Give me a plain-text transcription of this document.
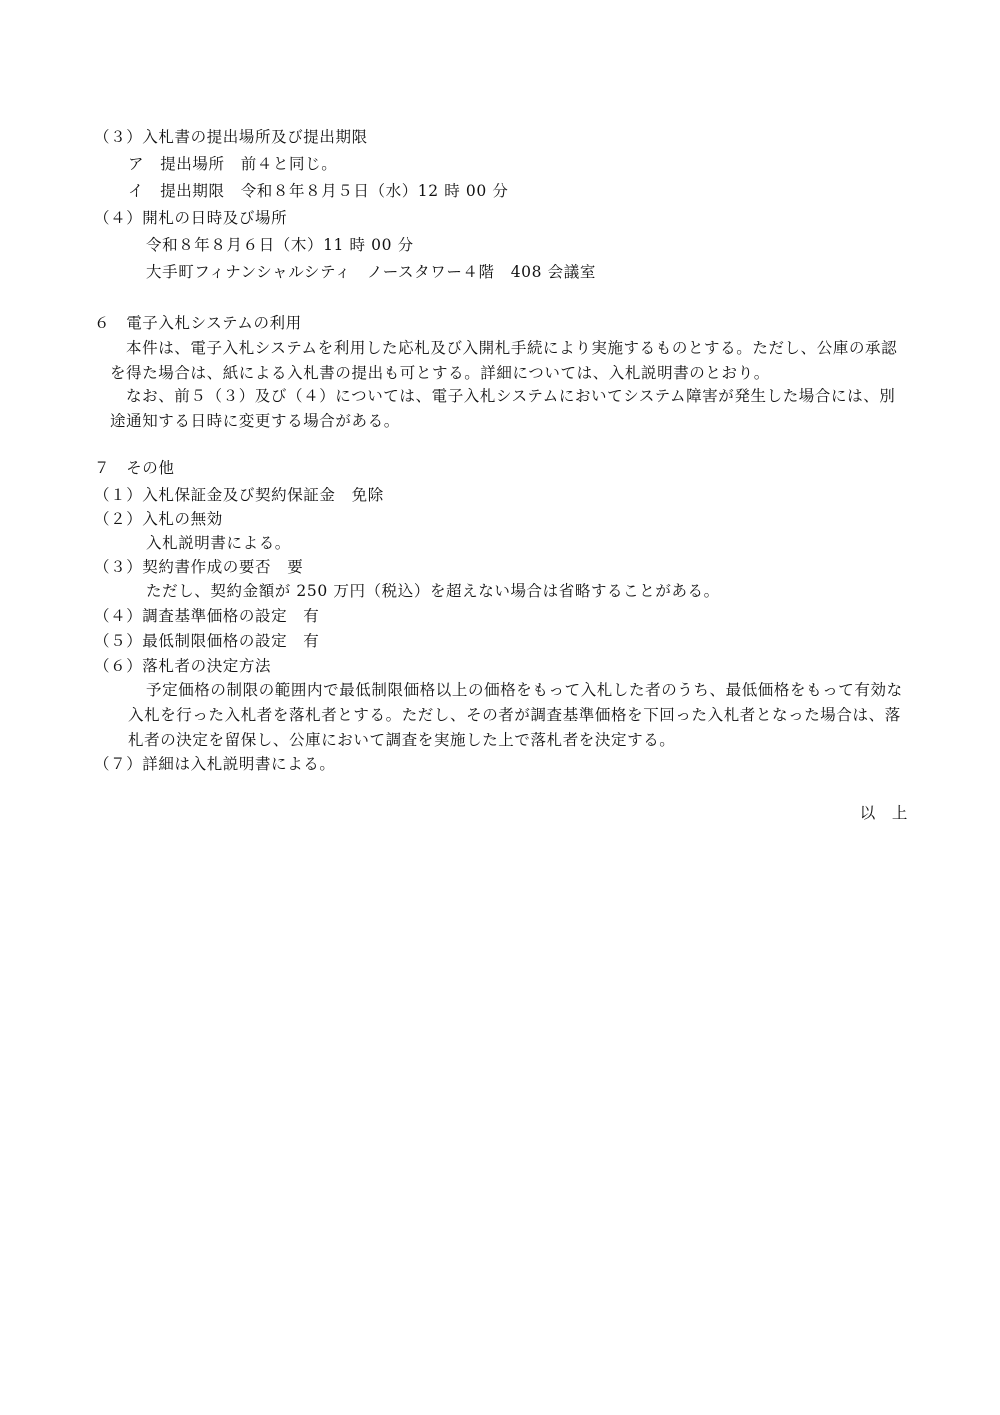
（３）入札書の提出場所及び提出期限
ア　提出場所　前４と同じ。
イ　提出期限　令和８年８月５日（水）12 時 00 分
（４）開札の日時及び場所
令和８年８月６日（木）11 時 00 分
大手町フィナンシャルシティ　ノースタワー４階　408 会議室
６　電子入札システムの利用
本件は、電子入札システムを利用した応札及び入開札手続により実施するものとする。ただし、公庫の承認を得た場合は、紙による入札書の提出も可とする。詳細については、入札説明書のとおり。
なお、前５（３）及び（４）については、電子入札システムにおいてシステム障害が発生した場合には、別途通知する日時に変更する場合がある。
７　その他
（１）入札保証金及び契約保証金　免除
（２）入札の無効
入札説明書による。
（３）契約書作成の要否　要
ただし、契約金額が 250 万円（税込）を超えない場合は省略することがある。
（４）調査基準価格の設定　有
（５）最低制限価格の設定　有
（６）落札者の決定方法
予定価格の制限の範囲内で最低制限価格以上の価格をもって入札した者のうち、最低価格をもって有効な入札を行った入札者を落札者とする。ただし、その者が調査基準価格を下回った入札者となった場合は、落札者の決定を留保し、公庫において調査を実施した上で落札者を決定する。
（７）詳細は入札説明書による。
以　上
